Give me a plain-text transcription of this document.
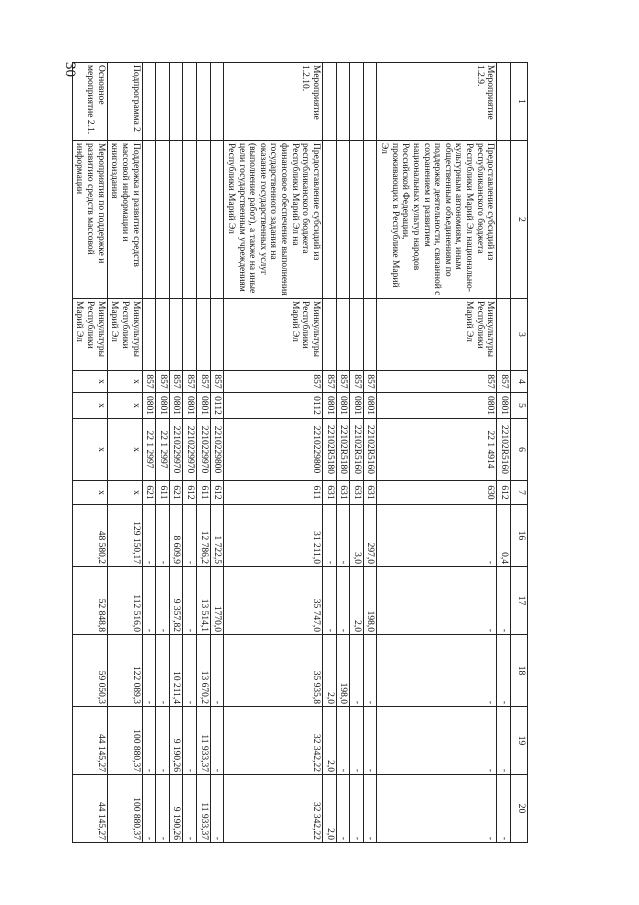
30
1	2	3	4	5	6	7	16	17	18	19	20
			857	0801	22102R5160	612	0,4	-	-	-	-
Мероприятие 1.2.9.	Предоставление субсидий из республиканского бюджета Республики Марий Эл национально-культурным автономиям, иным общественным объединениям по поддержке деятельности, связанной с сохранением и развитием национальных культур народов Российской Федерации, проживающих в Республике Марий Эл	Минкультуры Республики Марий Эл	857	0801	22 1 4914	630	-	-	-	-	-
			857	0801	22102R5160	631	297,0	198,0	-	-	-
			857	0801	22102R5160	631	3,0	2,0	-	-	-
			857	0801	22102R5180	631	-	-	198,0	-	-
			857	0801	22102R5180	631	-	-	2,0	2,0	2,0
Мероприятие 1.2.10.	Предоставление субсидий из республиканского бюджета Республики Марий Эл на финансовое обеспечение выполнения государственного задания на оказание государственных услуг (выполнение работ), а также на иные цели государственным учреждениям Республики Марий Эл	Минкультуры Республики Марий Эл	857	0112	2210229800	611	31 211,0	35 747,0	35 935,8	32 342,22	32 342,22
			857	0112	2210229800	612	1 722,5	1770,0	-	-	-
			857	0801	2210229970	611	12 786,2	13 514,1	13 670,2	11 933,37	11 933,37
			857	0801	2210229970	612	-	-	-	-	-
			857	0801	2210229970	621	8 609,9	9 357,82	10 211,4	9 190,26	9 190,26
			857	0801	22 1 2997	611	-	-	-	-	-
			857	0801	22 1 2997	621	-	-	-	-	-
Подпрограмма 2	Поддержка и развитие средств массовой информации и книгоиздания	Минкультуры Республики Марий Эл	х	х	х	х	129 150,17	112 516,0	122 089,3	100 880,37	100 880,37
Основное мероприятие 2.1.	Мероприятия по поддержке и развитию средств массовой информации	Минкультуры Республики Марий Эл	х	х	х	х	48 580,2	52 848,8	59 050,3	44 145,27	44 145,27
